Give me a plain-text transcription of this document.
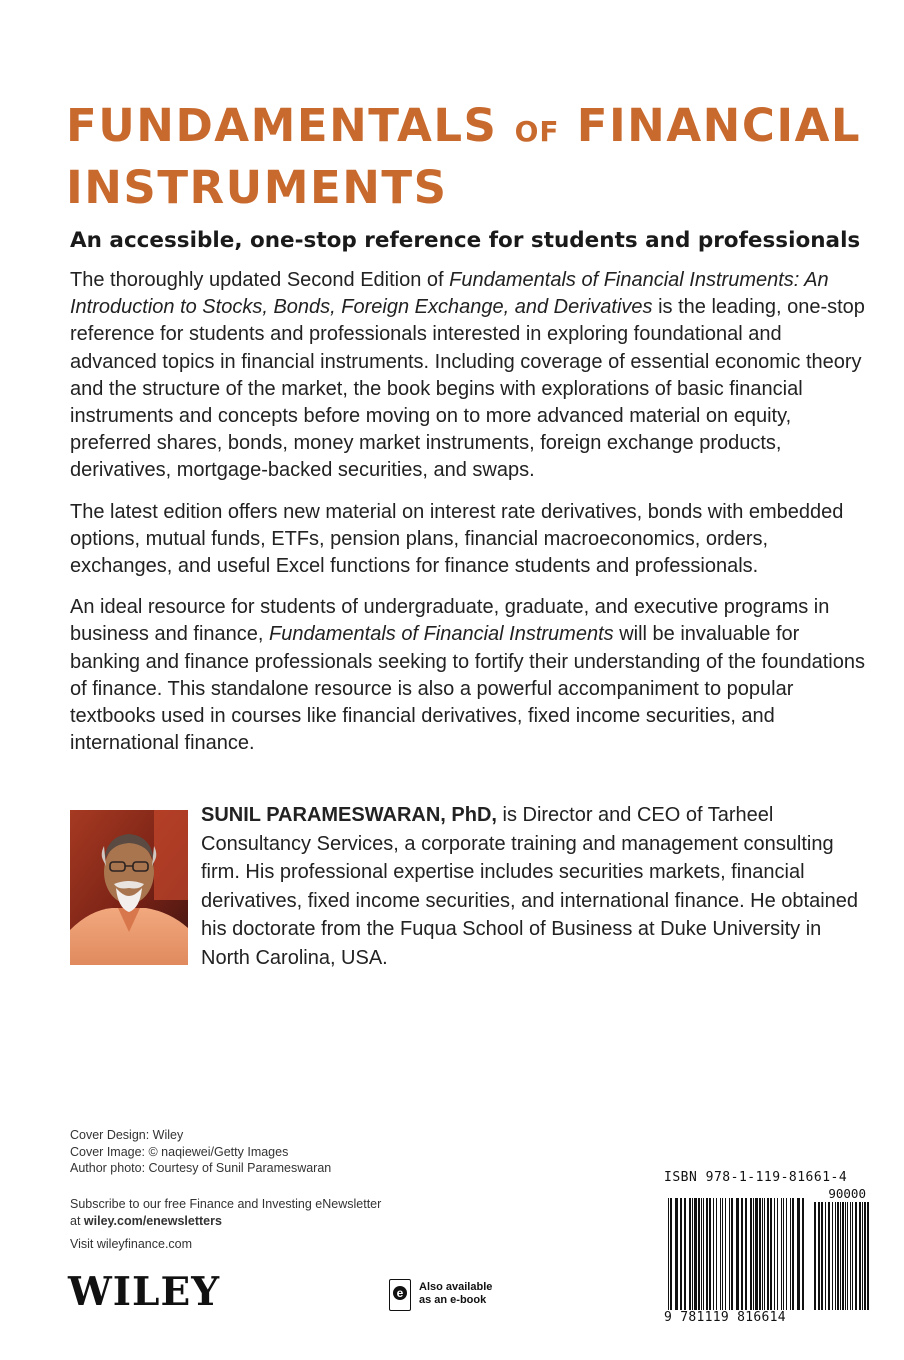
FUNDAMENTALS OF FINANCIAL
INSTRUMENTS
An accessible, one-stop reference for students and professionals

The thoroughly updated Second Edition of Fundamentals of Financial Instruments: An Introduction to Stocks, Bonds, Foreign Exchange, and Derivatives is the leading, one-stop reference for students and professionals interested in exploring foundational and advanced topics in financial instruments. Including coverage of essential economic theory and the structure of the market, the book begins with explorations of basic financial instruments and concepts before moving on to more advanced material on equity, preferred shares, bonds, money market instruments, foreign exchange products, derivatives, mortgage-backed securities, and swaps.

The latest edition offers new material on interest rate derivatives, bonds with embedded options, mutual funds, ETFs, pension plans, financial macroeconomics, orders, exchanges, and useful Excel functions for finance students and professionals.

An ideal resource for students of undergraduate, graduate, and executive programs in business and finance, Fundamentals of Financial Instruments will be invaluable for banking and finance professionals seeking to fortify their understanding of the foundations of finance. This standalone resource is also a powerful accompaniment to popular textbooks used in courses like financial derivatives, fixed income securities, and international finance.

SUNIL PARAMESWARAN, PhD, is Director and CEO of Tarheel Consultancy Services, a corporate training and management consulting firm. His professional expertise includes securities markets, financial derivatives, fixed income securities, and international finance. He obtained his doctorate from the Fuqua School of Business at Duke University in North Carolina, USA.

Cover Design: Wiley
Cover Image: © naqiewei/Getty Images
Author photo: Courtesy of Sunil Parameswaran
Subscribe to our free Finance and Investing eNewsletter
at wiley.com/enewsletters
Visit wileyfinance.com
WILEY	e	Also available
as an e-book
ISBN 978-1-119-81661-4
90000
9 781119 816614
